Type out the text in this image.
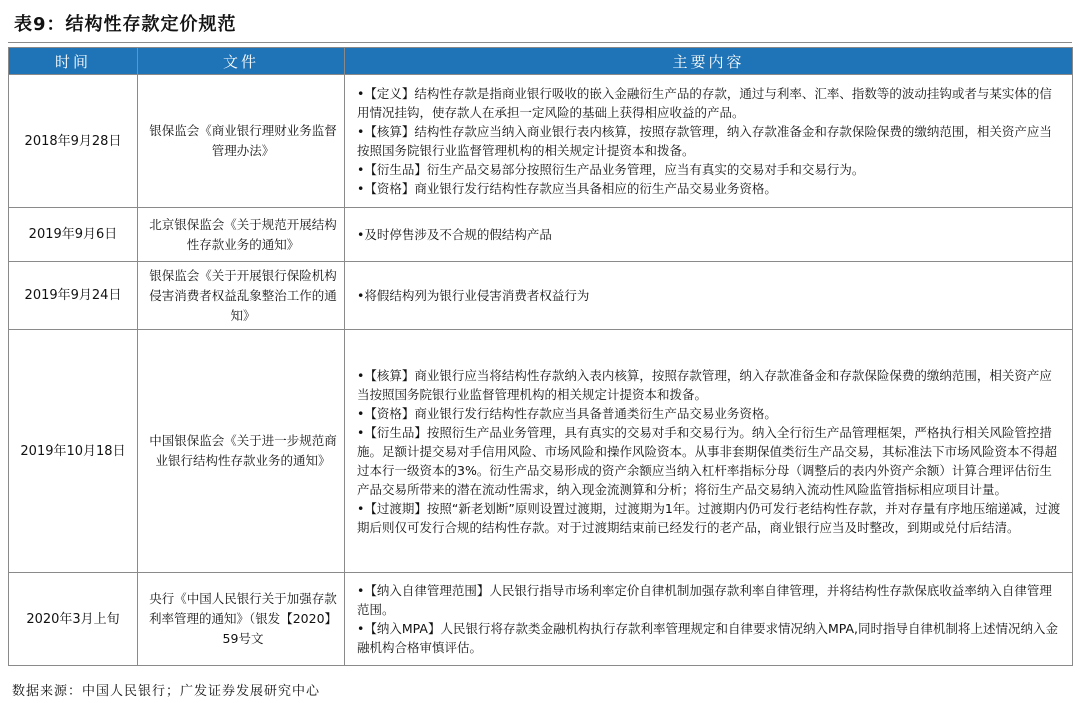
表9：结构性存款定价规范
时间	文件	主要内容
2018年9月28日	银保监会《商业银行理财业务监督管理办法》	•【定义】结构性存款是指商业银行吸收的嵌入金融衍生产品的存款，通过与利率、汇率、指数等的波动挂钩或者与某实体的信用情况挂钩，使存款人在承担一定风险的基础上获得相应收益的产品。
•【核算】结构性存款应当纳入商业银行表内核算，按照存款管理，纳入存款准备金和存款保险保费的缴纳范围，相关资产应当按照国务院银行业监督管理机构的相关规定计提资本和拨备。
•【衍生品】衍生产品交易部分按照衍生产品业务管理，应当有真实的交易对手和交易行为。
•【资格】商业银行发行结构性存款应当具备相应的衍生产品交易业务资格。

2019年9月6日	北京银保监会《关于规范开展结构性存款业务的通知》	•及时停售涉及不合规的假结构产品

2019年9月24日	银保监会《关于开展银行保险机构侵害消费者权益乱象整治工作的通知》	•将假结构列为银行业侵害消费者权益行为

2019年10月18日	中国银保监会《关于进一步规范商业银行结构性存款业务的通知》	•【核算】商业银行应当将结构性存款纳入表内核算，按照存款管理，纳入存款准备金和存款保险保费的缴纳范围，相关资产应当按照国务院银行业监督管理机构的相关规定计提资本和拨备。
•【资格】商业银行发行结构性存款应当具备普通类衍生产品交易业务资格。
•【衍生品】按照衍生产品业务管理，具有真实的交易对手和交易行为。纳入全行衍生产品管理框架，严格执行相关风险管控措施。足额计提交易对手信用风险、市场风险和操作风险资本。从事非套期保值类衍生产品交易，其标准法下市场风险资本不得超过本行一级资本的3%。衍生产品交易形成的资产余额应当纳入杠杆率指标分母（调整后的表内外资产余额）计算合理评估衍生产品交易所带来的潜在流动性需求，纳入现金流测算和分析；将衍生产品交易纳入流动性风险监管指标相应项目计量。
•【过渡期】按照“新老划断”原则设置过渡期，过渡期为1年。过渡期内仍可发行老结构性存款，并对存量有序地压缩递减，过渡期后则仅可发行合规的结构性存款。对于过渡期结束前已经发行的老产品，商业银行应当及时整改，到期或兑付后结清。

2020年3月上旬	央行《中国人民银行关于加强存款利率管理的通知》（银发【2020】59号文	•【纳入自律管理范围】人民银行指导市场利率定价自律机制加强存款利率自律管理，并将结构性存款保底收益率纳入自律管理范围。
•【纳入MPA】人民银行将存款类金融机构执行存款利率管理规定和自律要求情况纳入MPA,同时指导自律机制将上述情况纳入金融机构合格审慎评估。
数据来源：中国人民银行；广发证券发展研究中心
